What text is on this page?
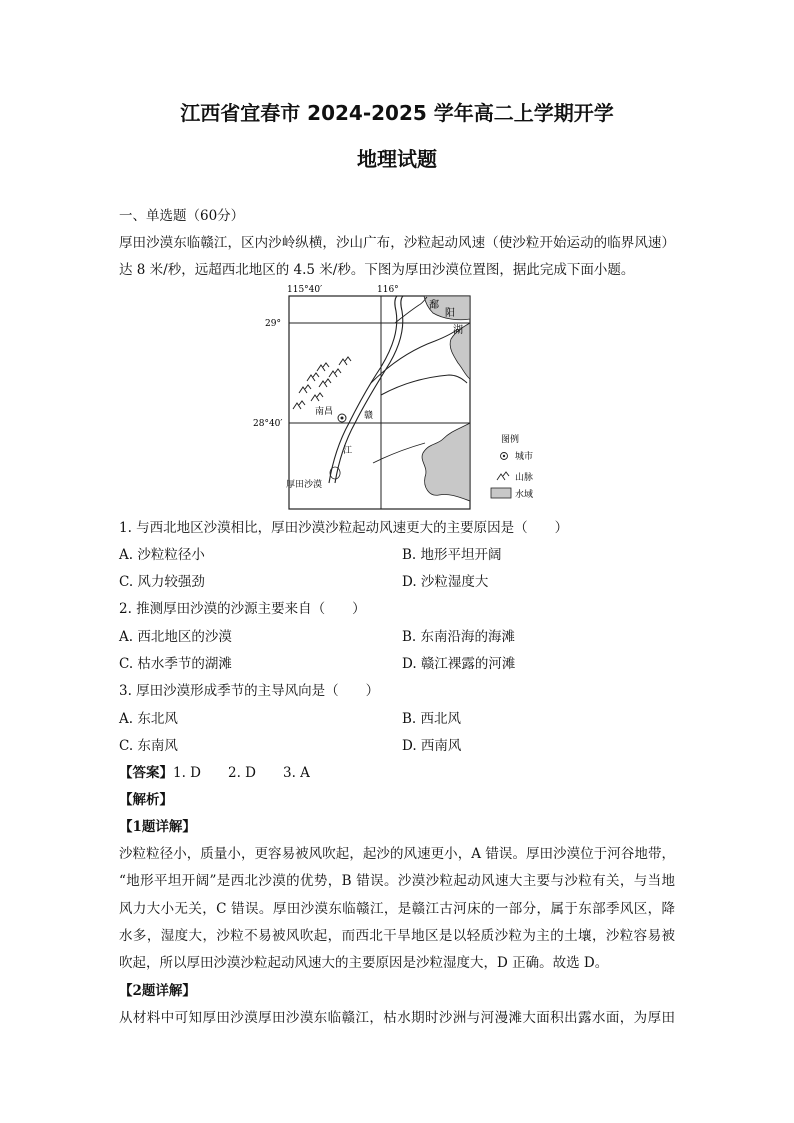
江西省宜春市 2024-2025 学年高二上学期开学
地理试题
一、单选题（60分）
厚田沙漠东临赣江，区内沙岭纵横，沙山广布，沙粒起动风速（使沙粒开始运动的临界风速）
达 8 米/秒，远超西北地区的 4.5 米/秒。下图为厚田沙漠位置图，据此完成下面小题。
115°40′	116°
29°
28°40′
鄱
阳
湖
南昌	赣
江
厚田沙漠
图例
城市
山脉
水域
1. 与西北地区沙漠相比，厚田沙漠沙粒起动风速更大的主要原因是（　　）
A. 沙粒粒径小	B. 地形平坦开阔
C. 风力较强劲	D. 沙粒湿度大
2. 推测厚田沙漠的沙源主要来自（　　）
A. 西北地区的沙漠	B. 东南沿海的海滩
C. 枯水季节的湖滩	D. 赣江裸露的河滩
3. 厚田沙漠形成季节的主导风向是（　　）
A. 东北风	B. 西北风
C. 东南风	D. 西南风
【答案】1. D　　2. D　　3. A
【解析】
【1题详解】
沙粒粒径小，质量小，更容易被风吹起，起沙的风速更小，A 错误。厚田沙漠位于河谷地带，
“地形平坦开阔”是西北沙漠的优势，B 错误。沙漠沙粒起动风速大主要与沙粒有关，与当地
风力大小无关，C 错误。厚田沙漠东临赣江，是赣江古河床的一部分，属于东部季风区，降
水多，湿度大，沙粒不易被风吹起，而西北干旱地区是以轻质沙粒为主的土壤，沙粒容易被
吹起，所以厚田沙漠沙粒起动风速大的主要原因是沙粒湿度大，D 正确。故选 D。
【2题详解】
从材料中可知厚田沙漠厚田沙漠东临赣江，枯水期时沙洲与河漫滩大面积出露水面，为厚田
